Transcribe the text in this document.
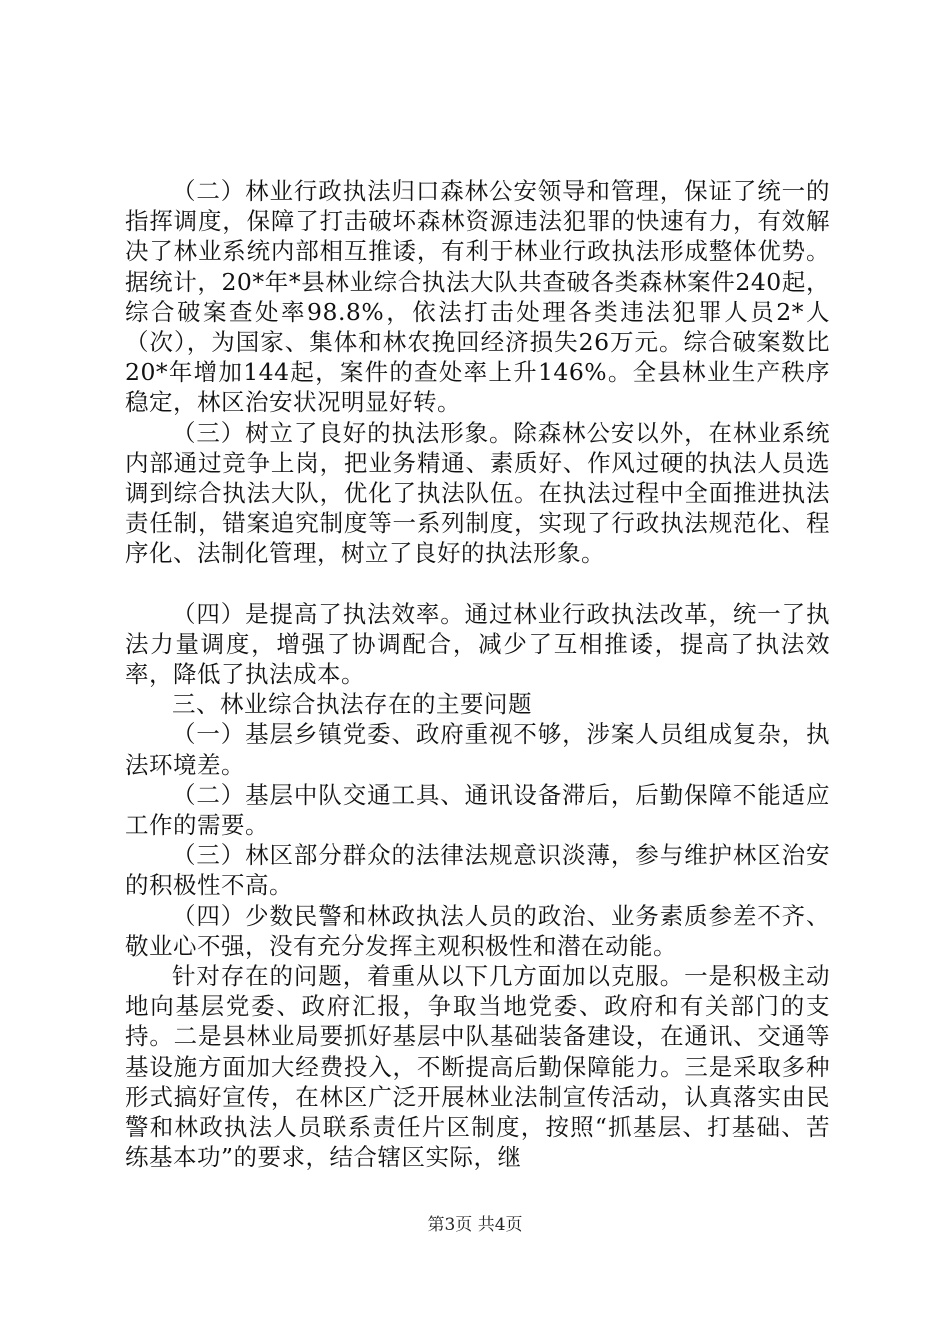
（二）林业行政执法归口森林公安领导和管理，保证了统一的指挥调度，保障了打击破坏森林资源违法犯罪的快速有力，有效解决了林业系统内部相互推诿，有利于林业行政执法形成整体优势。据统计，20*年*县林业综合执法大队共查破各类森林案件240起，综合破案查处率98.8%，依法打击处理各类违法犯罪人员2*人（次），为国家、集体和林农挽回经济损失26万元。综合破案数比20*年增加144起，案件的查处率上升146%。全县林业生产秩序稳定，林区治安状况明显好转。

（三）树立了良好的执法形象。除森林公安以外，在林业系统内部通过竞争上岗，把业务精通、素质好、作风过硬的执法人员选调到综合执法大队，优化了执法队伍。在执法过程中全面推进执法责任制，错案追究制度等一系列制度，实现了行政执法规范化、程序化、法制化管理，树立了良好的执法形象。

（四）是提高了执法效率。通过林业行政执法改革，统一了执法力量调度，增强了协调配合，减少了互相推诿，提高了执法效率，降低了执法成本。

三、林业综合执法存在的主要问题

（一）基层乡镇党委、政府重视不够，涉案人员组成复杂，执法环境差。

（二）基层中队交通工具、通讯设备滞后，后勤保障不能适应工作的需要。

（三）林区部分群众的法律法规意识淡薄，参与维护林区治安的积极性不高。

（四）少数民警和林政执法人员的政治、业务素质参差不齐、敬业心不强，没有充分发挥主观积极性和潜在动能。

针对存在的问题，着重从以下几方面加以克服。一是积极主动地向基层党委、政府汇报，争取当地党委、政府和有关部门的支持。二是县林业局要抓好基层中队基础装备建设，在通讯、交通等基设施方面加大经费投入，不断提高后勤保障能力。三是采取多种形式搞好宣传，在林区广泛开展林业法制宣传活动，认真落实由民警和林政执法人员联系责任片区制度，按照“抓基层、打基础、苦练基本功”的要求，结合辖区实际，继

第3页 共4页
